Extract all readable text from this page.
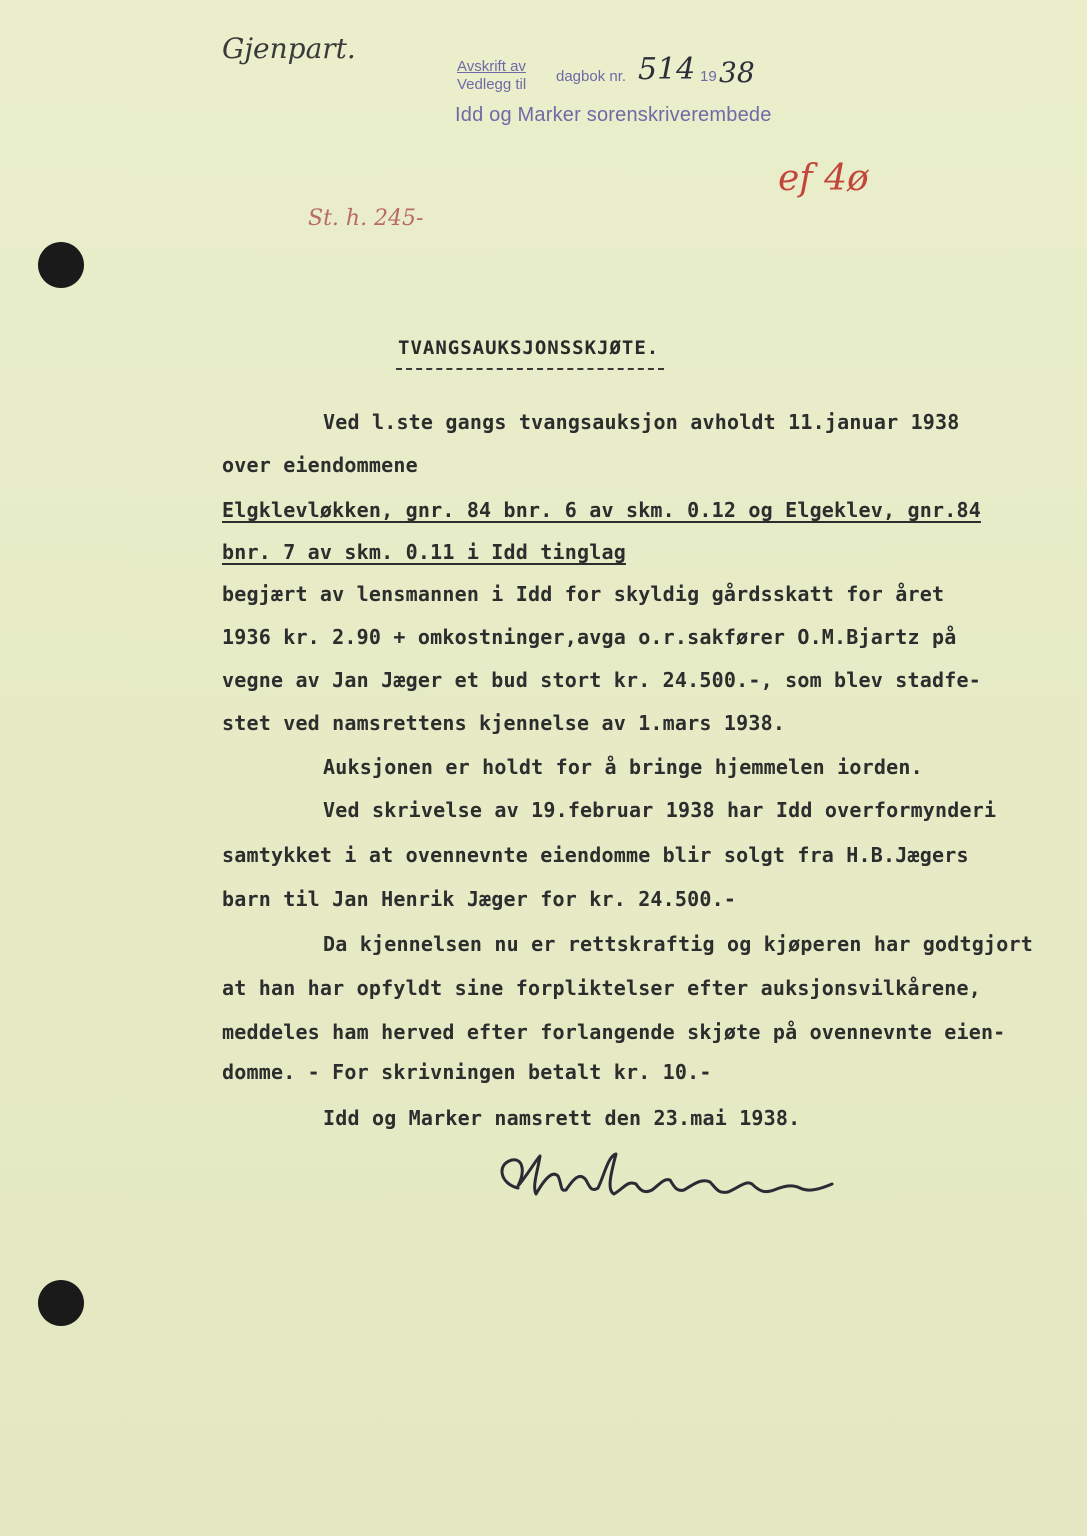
Gjenpart.
Avskrift av
Vedlegg til dagbok nr. 514 19 38
Idd og Marker sorenskriverembede
ef 4ø
St. h. 245-
TVANGSAUKSJONSSKJØTE.
Ved l.ste gangs tvangsauksjon avholdt 11.januar 1938
over eiendommene
Elgklevløkken, gnr. 84 bnr. 6 av skm. 0.12 og Elgeklev, gnr.84
bnr. 7 av skm. 0.11 i Idd tinglag
begjært av lensmannen i Idd for skyldig gårdsskatt for året
1936 kr. 2.90 + omkostninger,avga o.r.sakfører O.M.Bjartz på
vegne av Jan Jæger et bud stort kr. 24.500.-, som blev stadfe-
stet ved namsrettens kjennelse av 1.mars 1938.
Auksjonen er holdt for å bringe hjemmelen iorden.
Ved skrivelse av 19.februar 1938 har Idd overformynderi
samtykket i at ovennevnte eiendomme blir solgt fra H.B.Jægers
barn til Jan Henrik Jæger for kr. 24.500.-
Da kjennelsen nu er rettskraftig og kjøperen har godtgjort
at han har opfyldt sine forpliktelser efter auksjonsvilkårene,
meddeles ham herved efter forlangende skjøte på ovennevnte eien-
domme. - For skrivningen betalt kr. 10.-
Idd og Marker namsrett den 23.mai 1938.
